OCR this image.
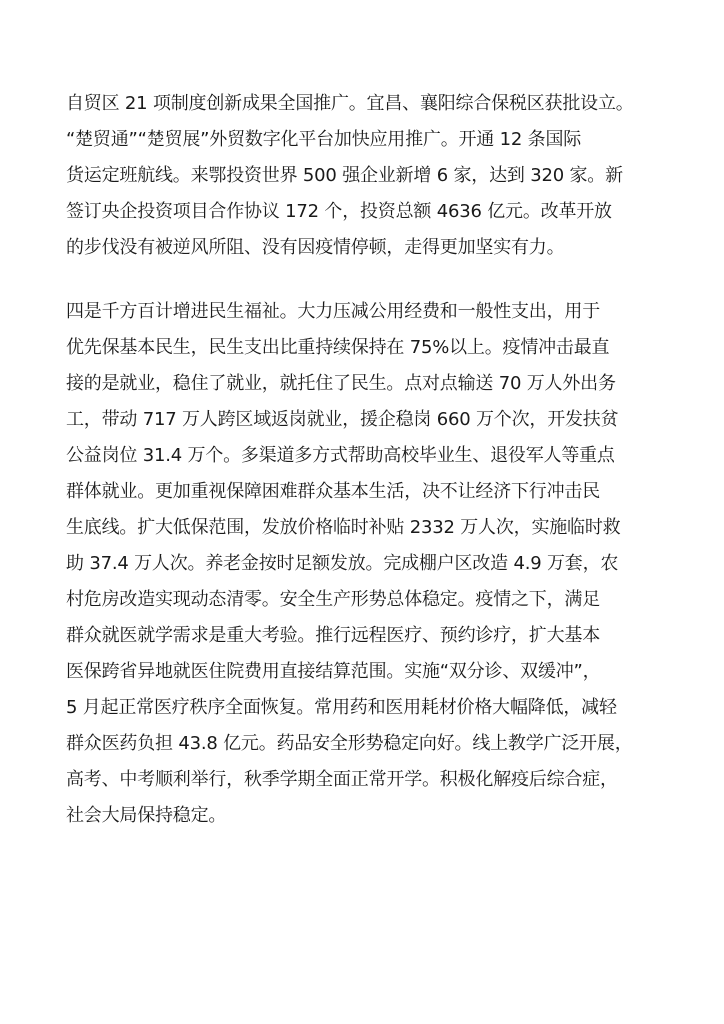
自贸区 21 项制度创新成果全国推广。宜昌、襄阳综合保税区获批设立。
“楚贸通”“楚贸展”外贸数字化平台加快应用推广。开通 12 条国际
货运定班航线。来鄂投资世界 500 强企业新增 6 家，达到 320 家。新
签订央企投资项目合作协议 172 个，投资总额 4636 亿元。改革开放
的步伐没有被逆风所阻、没有因疫情停顿，走得更加坚实有力。
四是千方百计增进民生福祉。大力压减公用经费和一般性支出，用于
优先保基本民生，民生支出比重持续保持在 75%以上。疫情冲击最直
接的是就业，稳住了就业，就托住了民生。点对点输送 70 万人外出务
工，带动 717 万人跨区域返岗就业，援企稳岗 660 万个次，开发扶贫
公益岗位 31.4 万个。多渠道多方式帮助高校毕业生、退役军人等重点
群体就业。更加重视保障困难群众基本生活，决不让经济下行冲击民
生底线。扩大低保范围，发放价格临时补贴 2332 万人次，实施临时救
助 37.4 万人次。养老金按时足额发放。完成棚户区改造 4.9 万套，农
村危房改造实现动态清零。安全生产形势总体稳定。疫情之下，满足
群众就医就学需求是重大考验。推行远程医疗、预约诊疗，扩大基本
医保跨省异地就医住院费用直接结算范围。实施“双分诊、双缓冲”，
5 月起正常医疗秩序全面恢复。常用药和医用耗材价格大幅降低，减轻
群众医药负担 43.8 亿元。药品安全形势稳定向好。线上教学广泛开展，
高考、中考顺利举行，秋季学期全面正常开学。积极化解疫后综合症，
社会大局保持稳定。
